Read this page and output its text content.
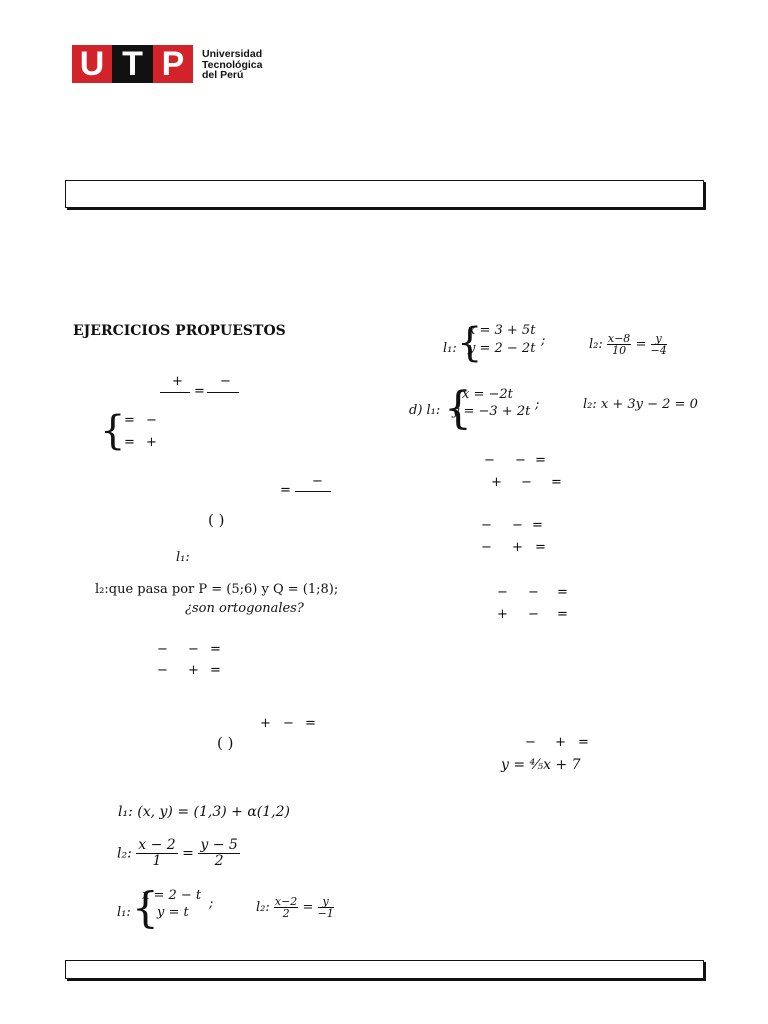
U T P	Universidad
Tecnológica
del Perú
EJERCICIOS PROPUESTOS
+
=
−
{
= −
= +
=
−
( )
l₁:
l₂:que pasa por P = (5;6) y Q = (1;8);
¿son ortogonales?
− − =
− + =
+ − =
( )
l₁: (x, y) = (1,3) + α(1,2)
l₂: $\frac{x - 2}{1} = \frac{y - 5}{2}$
l₁: {
x = 2 − t
y = t
;	l₂: $\frac{x-2}{2} = \frac{y}{-1}$
l₁: {
x = 3 + 5t
y = 2 − 2t
;	l₂: $\frac{x-8}{10} = \frac{y}{-4}$
d) l₁: {
x = −2t
y = −3 + 2t ;	l₂: x + 3y − 2 = 0
− − =
+ − =
− − =
− + =
− − =
+ − =
− + =
y = ⁴⁄₅x + 7
